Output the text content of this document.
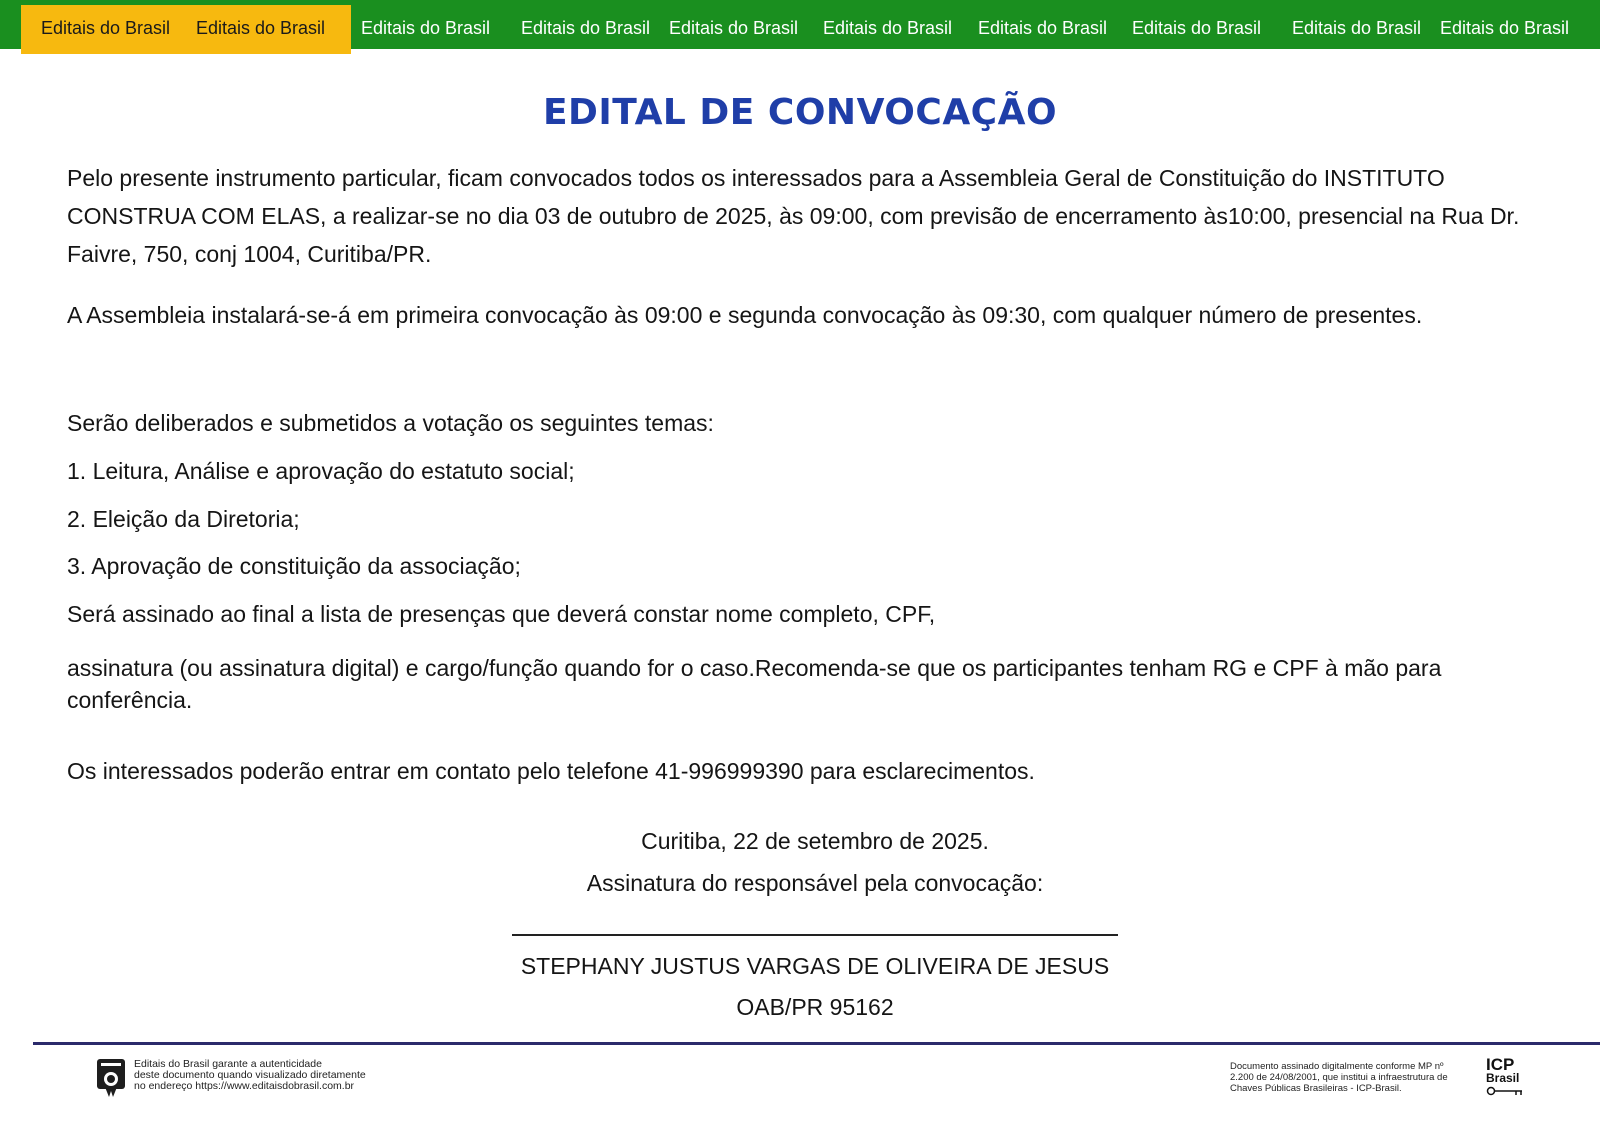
Editais do Brasil Editais do Brasil Editais do Brasil Editais do Brasil Editais do Brasil Editais do Brasil Editais do Brasil Editais do Brasil Editais do Brasil Editais do Brasil
EDITAL DE CONVOCAÇÃO
Pelo presente instrumento particular, ficam convocados todos os interessados para a Assembleia Geral de Constituição do INSTITUTO CONSTRUA COM ELAS, a realizar-se no dia 03 de outubro de 2025, às 09:00, com previsão de encerramento às10:00, presencial na Rua Dr. Faivre, 750, conj 1004, Curitiba/PR.
A Assembleia instalará-se-á em primeira convocação às 09:00 e segunda convocação às 09:30, com qualquer número de presentes.
Serão deliberados e submetidos a votação os seguintes temas:
1. Leitura, Análise e aprovação do estatuto social;
2. Eleição da Diretoria;
3. Aprovação de constituição da associação;
Será assinado ao final a lista de presenças que deverá constar nome completo, CPF,
assinatura (ou assinatura digital) e cargo/função quando for o caso.Recomenda-se que os participantes tenham RG e CPF à mão para conferência.
Os interessados poderão entrar em contato pelo telefone 41-996999390 para esclarecimentos.
Curitiba, 22 de setembro de 2025.
Assinatura do responsável pela convocação:
STEPHANY JUSTUS VARGAS DE OLIVEIRA DE JESUS
OAB/PR 95162
Editais do Brasil garante a autenticidade
deste documento quando visualizado diretamente
no endereço https://www.editaisdobrasil.com.br
Documento assinado digitalmente conforme MP nº
2.200 de 24/08/2001, que institui a infraestrutura de
Chaves Públicas Brasileiras - ICP-Brasil.
ICP
Brasil
